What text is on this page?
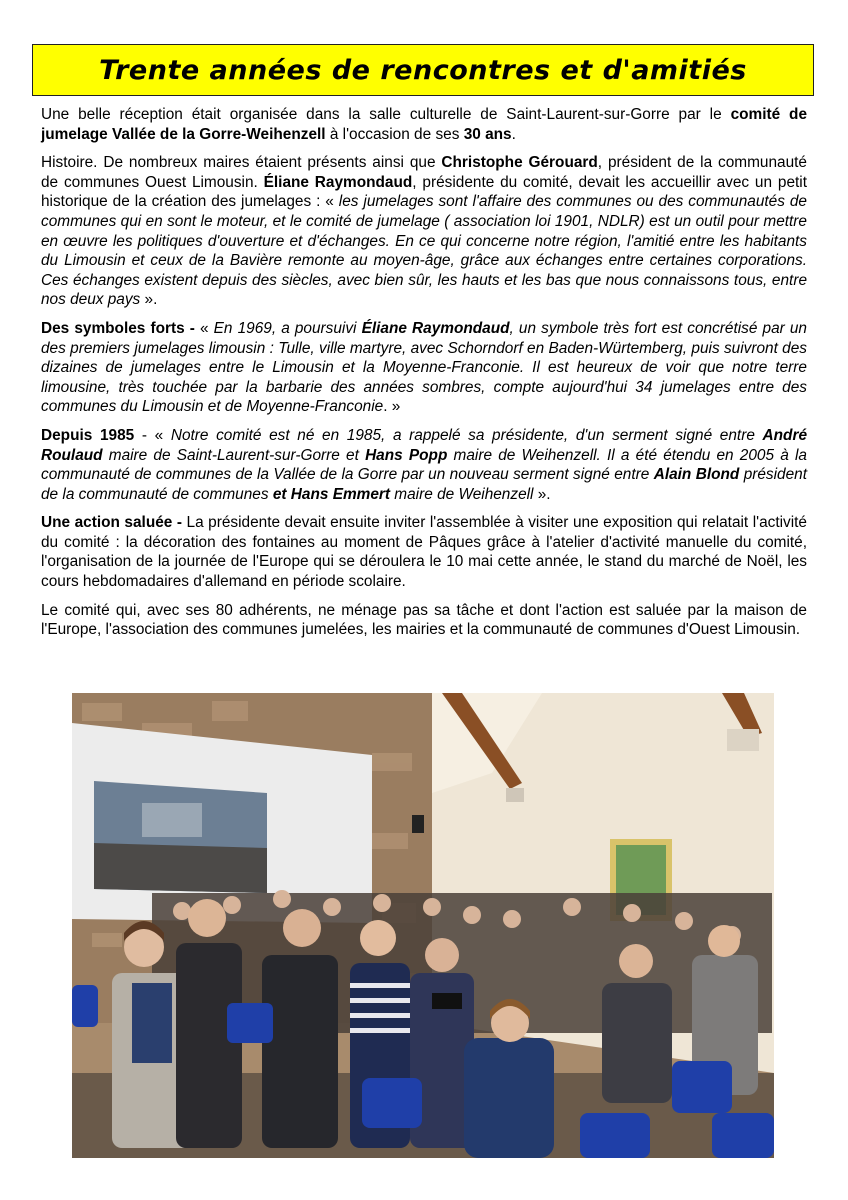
Trente années de rencontres et d'amitiés

Une belle réception était organisée dans la salle culturelle de Saint-Laurent-sur-Gorre par le comité de jumelage Vallée de la Gorre-Weihenzell à l'occasion de ses 30 ans.

Histoire. De nombreux maires étaient présents ainsi que Christophe Gérouard, président de la communauté de communes Ouest Limousin. Éliane Raymondaud, présidente du comité, devait les accueillir avec un petit historique de la création des jumelages : « les jumelages sont l'affaire des communes ou des communautés de communes qui en sont le moteur, et le comité de jumelage ( association loi 1901, NDLR) est un outil pour mettre en œuvre les politiques d'ouverture et d'échanges. En ce qui concerne notre région, l'amitié entre les habitants du Limousin et ceux de la Bavière remonte au moyen-âge, grâce aux échanges entre certaines corporations. Ces échanges existent depuis des siècles, avec bien sûr, les hauts et les bas que nous connaissons tous, entre nos deux pays ».

Des symboles forts - « En 1969, a poursuivi Éliane Raymondaud, un symbole très fort est concrétisé par un des premiers jumelages limousin : Tulle, ville martyre, avec Schorndorf en Baden-Würtemberg, puis suivront des dizaines de jumelages entre le Limousin et la Moyenne-Franconie. Il est heureux de voir que notre terre limousine, très touchée par la barbarie des années sombres, compte aujourd'hui 34 jumelages entre des communes du Limousin et de Moyenne-Franconie. »

Depuis 1985 - « Notre comité est né en 1985, a rappelé sa présidente, d'un serment signé entre André Roulaud maire de Saint-Laurent-sur-Gorre et Hans Popp maire de Weihenzell. Il a été étendu en 2005 à la communauté de communes de la Vallée de la Gorre par un nouveau serment signé entre Alain Blond président de la communauté de communes et Hans Emmert maire de Weihenzell ».

Une action saluée - La présidente devait ensuite inviter l'assemblée à visiter une exposition qui relatait l'activité du comité : la décoration des fontaines au moment de Pâques grâce à l'atelier d'activité manuelle du comité, l'organisation de la journée de l'Europe qui se déroulera le 10 mai cette année, le stand du marché de Noël, les cours hebdomadaires d'allemand en période scolaire.

Le comité qui, avec ses 80 adhérents, ne ménage pas sa tâche et dont l'action est saluée par la maison de l'Europe, l'association des communes jumelées, les mairies et la communauté de communes d'Ouest Limousin.
